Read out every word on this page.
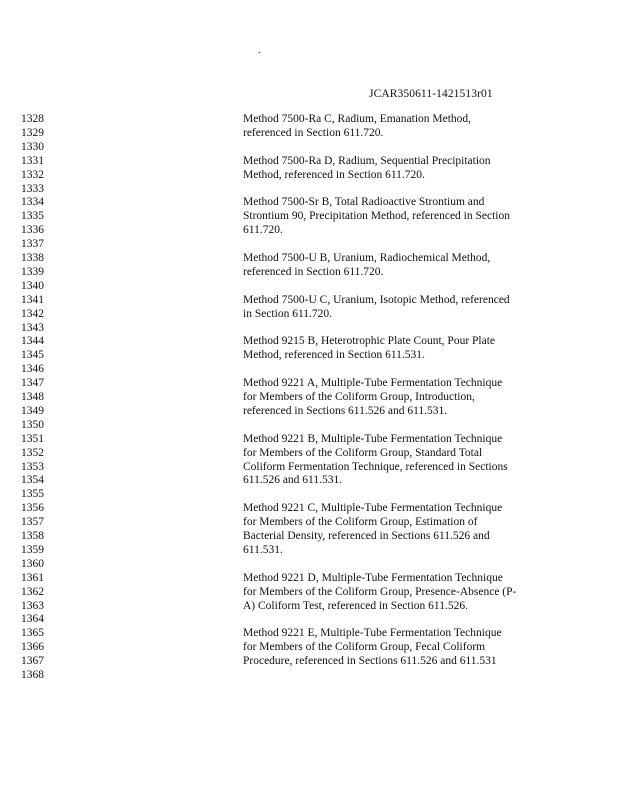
.
JCAR350611-1421513r01
1328	Method 7500-Ra C, Radium, Emanation Method,
1329	referenced in Section 611.720.
1330
1331	Method 7500-Ra D, Radium, Sequential Precipitation
1332	Method, referenced in Section 611.720.
1333
1334	Method 7500-Sr B, Total Radioactive Strontium and
1335	Strontium 90, Precipitation Method, referenced in Section
1336	611.720.
1337
1338	Method 7500-U B, Uranium, Radiochemical Method,
1339	referenced in Section 611.720.
1340
1341	Method 7500-U C, Uranium, Isotopic Method, referenced
1342	in Section 611.720.
1343
1344	Method 9215 B, Heterotrophic Plate Count, Pour Plate
1345	Method, referenced in Section 611.531.
1346
1347	Method 9221 A, Multiple-Tube Fermentation Technique
1348	for Members of the Coliform Group, Introduction,
1349	referenced in Sections 611.526 and 611.531.
1350
1351	Method 9221 B, Multiple-Tube Fermentation Technique
1352	for Members of the Coliform Group, Standard Total
1353	Coliform Fermentation Technique, referenced in Sections
1354	611.526 and 611.531.
1355
1356	Method 9221 C, Multiple-Tube Fermentation Technique
1357	for Members of the Coliform Group, Estimation of
1358	Bacterial Density, referenced in Sections 611.526 and
1359	611.531.
1360
1361	Method 9221 D, Multiple-Tube Fermentation Technique
1362	for Members of the Coliform Group, Presence-Absence (P-
1363	A) Coliform Test, referenced in Section 611.526.
1364
1365	Method 9221 E, Multiple-Tube Fermentation Technique
1366	for Members of the Coliform Group, Fecal Coliform
1367	Procedure, referenced in Sections 611.526 and 611.531
1368
